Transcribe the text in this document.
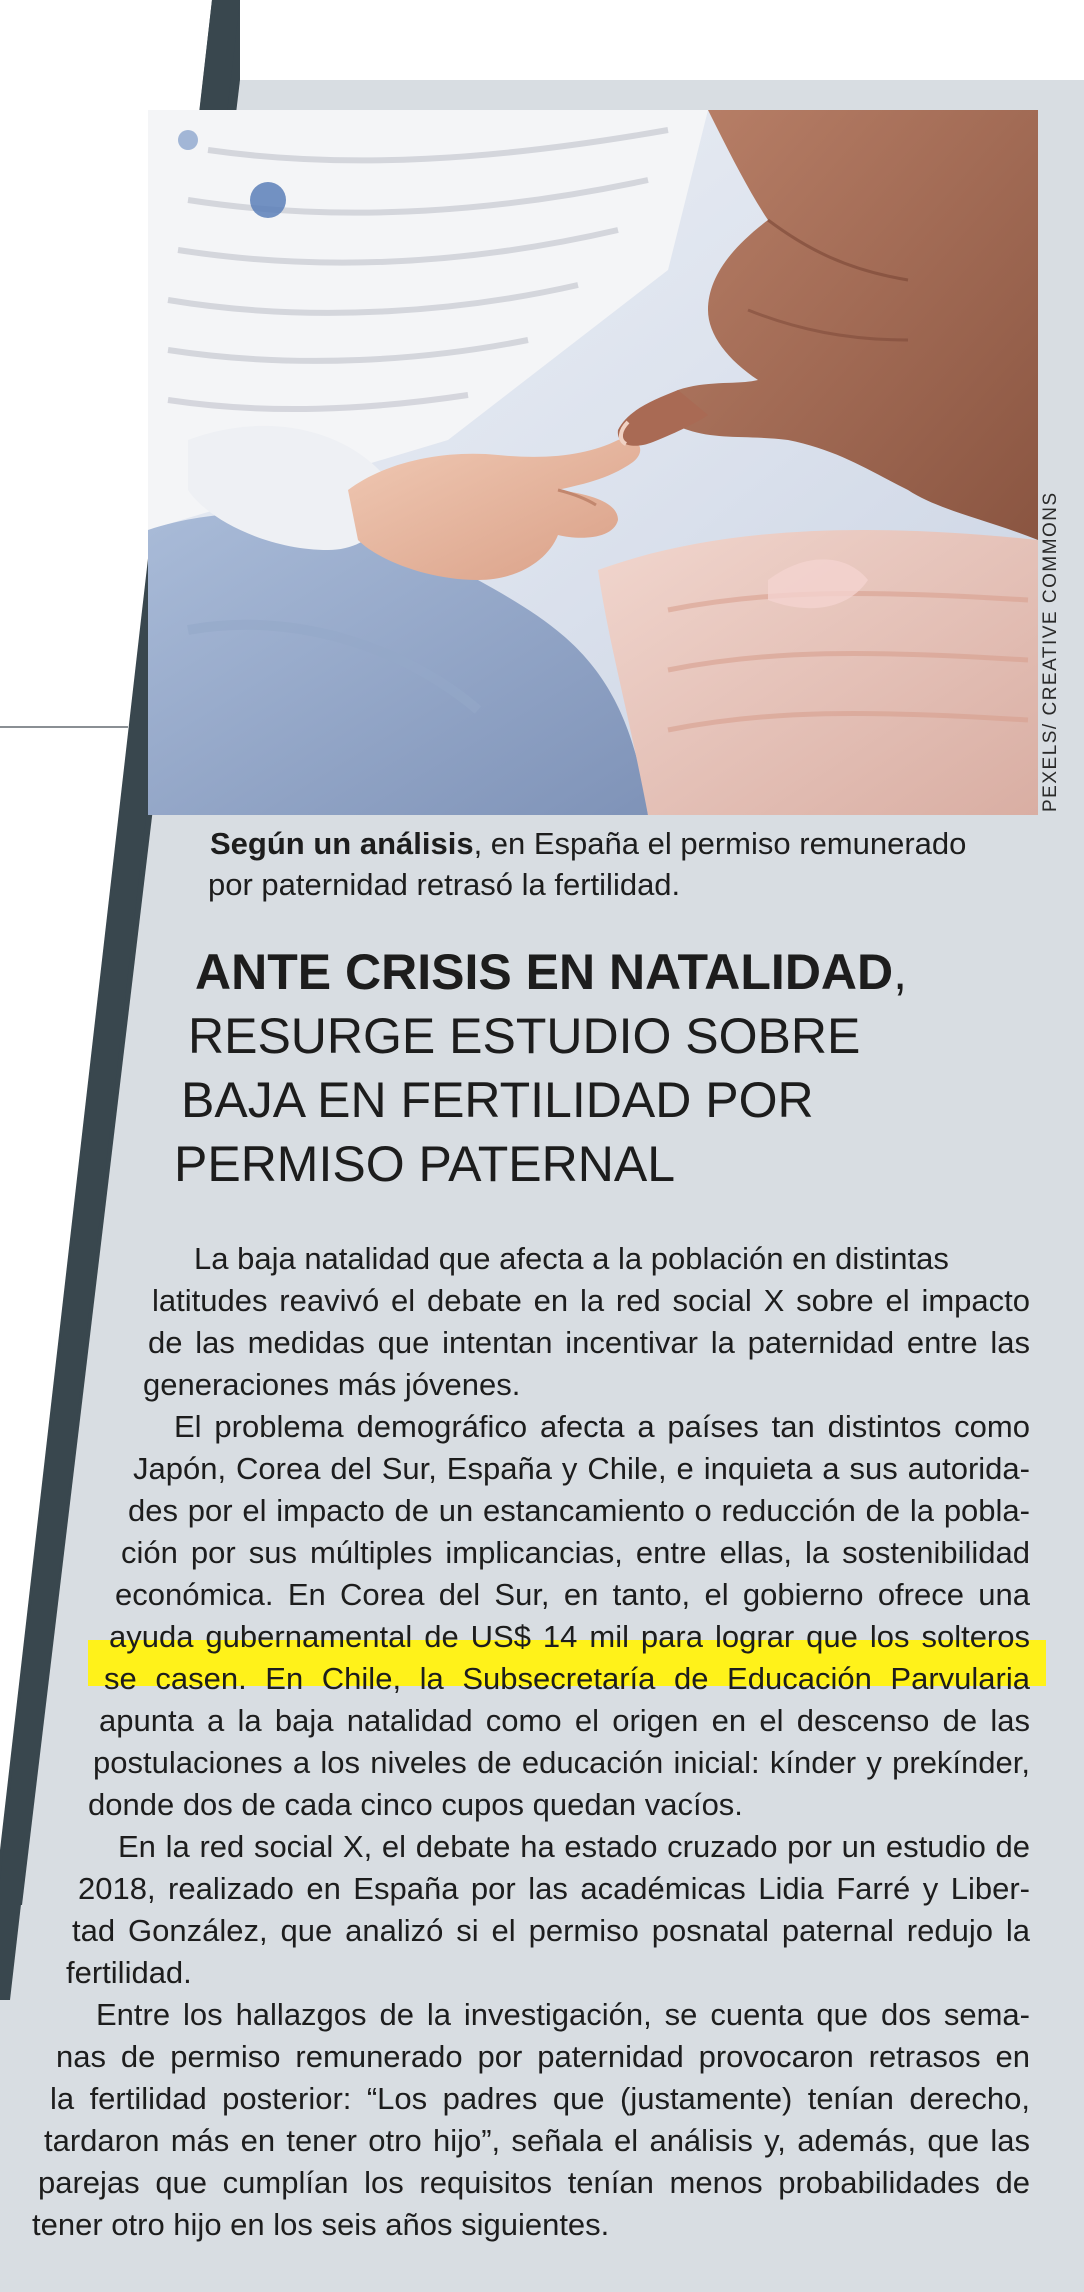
PEXELS/ CREATIVE COMMONS
Según un análisis, en España el permiso remunerado
por paternidad retrasó la fertilidad.
ANTE CRISIS EN NATALIDAD,
RESURGE ESTUDIO SOBRE
BAJA EN FERTILIDAD POR
PERMISO PATERNAL
La baja natalidad que afecta a la población en distintas
latitudes reavivó el debate en la red social X sobre el impacto
de las medidas que intentan incentivar la paternidad entre las
generaciones más jóvenes.
El problema demográfico afecta a países tan distintos como
Japón, Corea del Sur, España y Chile, e inquieta a sus autorida-
des por el impacto de un estancamiento o reducción de la pobla-
ción por sus múltiples implicancias, entre ellas, la sostenibilidad
económica. En Corea del Sur, en tanto, el gobierno ofrece una
ayuda gubernamental de US$ 14 mil para lograr que los solteros
se casen. En Chile, la Subsecretaría de Educación Parvularia
apunta a la baja natalidad como el origen en el descenso de las
postulaciones a los niveles de educación inicial: kínder y prekínder,
donde dos de cada cinco cupos quedan vacíos.
En la red social X, el debate ha estado cruzado por un estudio de
2018, realizado en España por las académicas Lidia Farré y Liber-
tad González, que analizó si el permiso posnatal paternal redujo la
fertilidad.
Entre los hallazgos de la investigación, se cuenta que dos sema-
nas de permiso remunerado por paternidad provocaron retrasos en
la fertilidad posterior: “Los padres que (justamente) tenían derecho,
tardaron más en tener otro hijo”, señala el análisis y, además, que las
parejas que cumplían los requisitos tenían menos probabilidades de
tener otro hijo en los seis años siguientes.
